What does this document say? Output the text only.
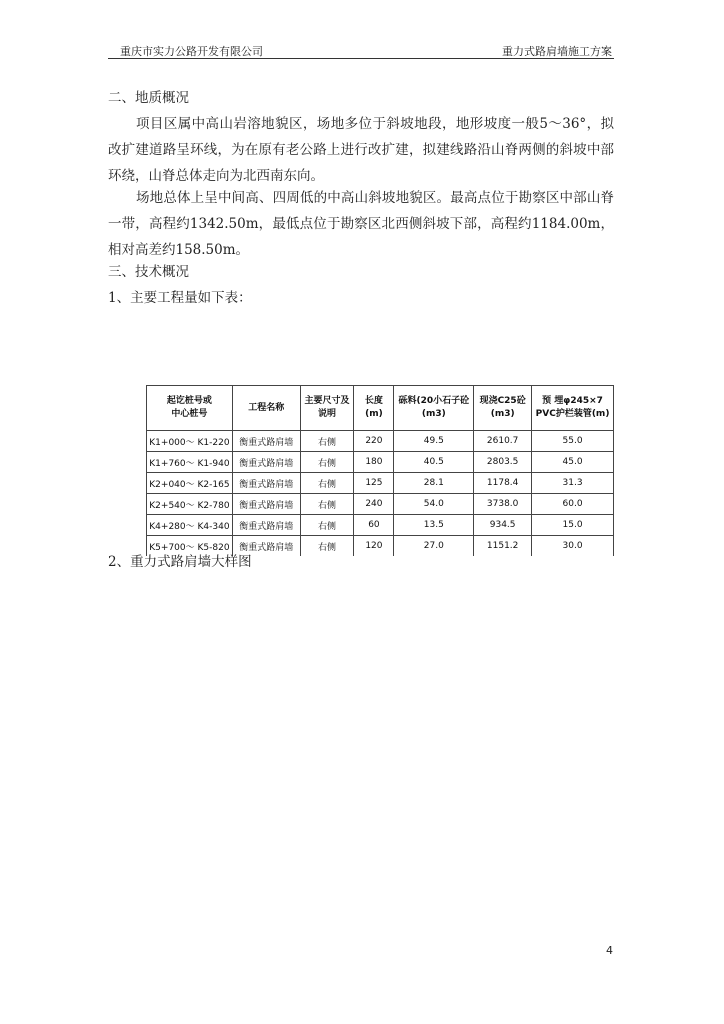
重庆市实力公路开发有限公司	重力式路肩墙施工方案

二、地质概况

项目区属中高山岩溶地貌区，场地多位于斜坡地段，地形坡度一般5～36°，拟改扩建道路呈环线，为在原有老公路上进行改扩建，拟建线路沿山脊两侧的斜坡中部环绕，山脊总体走向为北西南东向。

场地总体上呈中间高、四周低的中高山斜坡地貌区。最高点位于勘察区中部山脊一带，高程约1342.50m，最低点位于勘察区北西侧斜坡下部，高程约1184.00m，相对高差约158.50m。

三、技术概况

1、主要工程量如下表：

起讫桩号或
中心桩号	工程名称	主要尺寸及说明	长度(m)	砾料(20小石子砼(m3)	现浇C25砼
(m3)	预 埋φ245×7
PVC护栏装管(m)
K1+000～ K1-220	衡重式路肩墙	右侧	220	49.5	2610.7	55.0
K1+760～ K1-940	衡重式路肩墙	右侧	180	40.5	2803.5	45.0
K2+040～ K2-165	衡重式路肩墙	右侧	125	28.1	1178.4	31.3
K2+540～ K2-780	衡重式路肩墙	右侧	240	54.0	3738.0	60.0
K4+280～ K4-340	衡重式路肩墙	右侧	60	13.5	934.5	15.0
K5+700～ K5-820	衡重式路肩墙	右侧	120	27.0	1151.2	30.0

2、重力式路肩墙大样图

4
